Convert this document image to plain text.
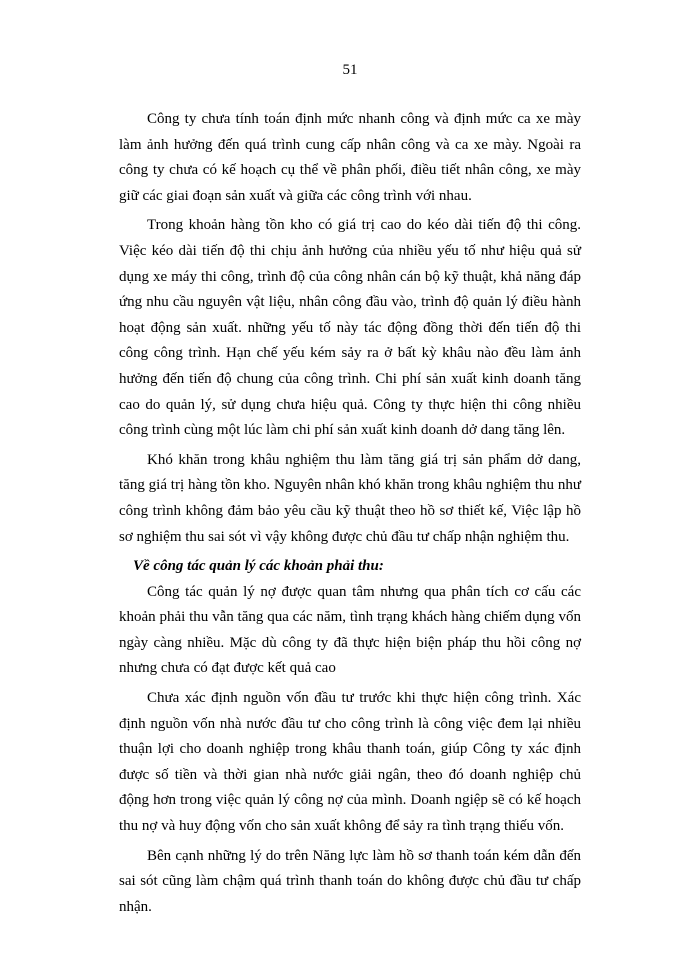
51

Công ty chưa tính toán định mức nhanh công và định mức ca xe mày làm ảnh hưởng đến quá trình cung cấp nhân công và ca xe mày. Ngoài ra công ty chưa có kế hoạch cụ thể về phân phối, điều tiết nhân công, xe mày giữ các giai đoạn sản xuất và giữa các công trình với nhau.

Trong khoản hàng tồn kho có giá trị cao do kéo dài tiến độ thi công. Việc kéo dài tiến độ thi chịu ảnh hưởng của nhiều yếu tố như hiệu quả sử dụng xe máy thi công, trình độ của công nhân cán bộ kỹ thuật, khả năng đáp ứng nhu cầu nguyên vật liệu, nhân công đầu vào, trình độ quản lý điều hành hoạt động sản xuất. những yếu tố này tác động đồng thời đến tiến độ thi công công trình. Hạn chế yếu kém sảy ra ở bất kỳ khâu nào đều làm ảnh hưởng đến tiến độ chung của công trình. Chi phí sản xuất kinh doanh tăng cao do quản lý, sử dụng chưa hiệu quả. Công ty thực hiện thi công nhiều công trình cùng một lúc làm chi phí sản xuất kinh doanh dở dang tăng lên.

Khó khăn trong khâu nghiệm thu làm tăng giá trị sản phẩm dở dang, tăng giá trị hàng tồn kho. Nguyên nhân khó khăn trong khâu nghiệm thu như công trình không đảm bảo yêu cầu kỹ thuật theo hồ sơ thiết kế, Việc lập hồ sơ nghiệm thu sai sót vì vậy không được chủ đầu tư chấp nhận nghiệm thu.

Về công tác quản lý các khoản phải thu:

Công tác quản lý nợ được quan tâm nhưng qua phân tích cơ cấu các khoản phải thu vẫn tăng qua các năm, tình trạng khách hàng chiếm dụng vốn ngày càng nhiều. Mặc dù công ty đã thực hiện biện pháp thu hồi công nợ nhưng chưa có đạt được kết quả cao

Chưa xác định nguồn vốn đầu tư trước khi thực hiện công trình. Xác định nguồn vốn nhà nước đầu tư cho công trình là công việc đem lại nhiều thuận lợi cho doanh nghiệp trong khâu thanh toán, giúp Công ty xác định được số tiền và thời gian nhà nước giải ngân, theo đó doanh nghiệp chủ động hơn trong việc quản lý công nợ của mình. Doanh ngiệp sẽ có kế hoạch thu nợ và huy động vốn cho sản xuất không để sảy ra tình trạng thiếu vốn.

Bên cạnh những lý do trên Năng lực làm hồ sơ thanh toán kém dẫn đến sai sót cũng làm chậm quá trình thanh toán do không được chủ đầu tư chấp nhận.
